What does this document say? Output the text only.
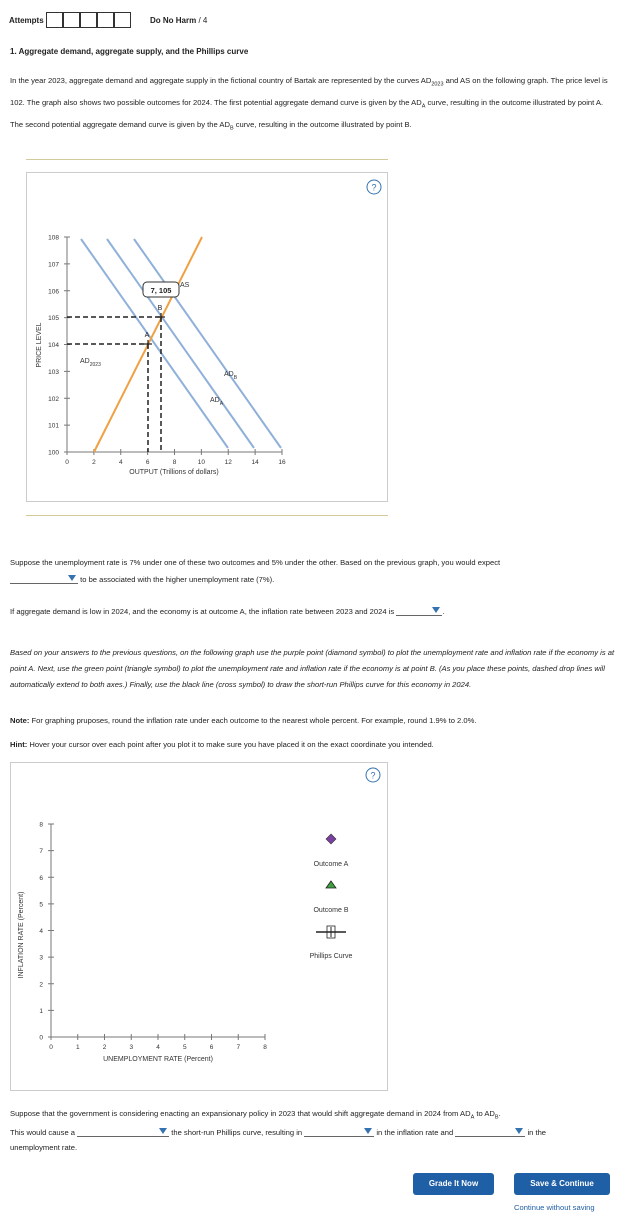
Attempts	Do No Harm / 4
1. Aggregate demand, aggregate supply, and the Phillips curve
In the year 2023, aggregate demand and aggregate supply in the fictional country of Bartak are represented by the curves $AD_{2023}$ and AS on the following graph. The price level is 102. The graph also shows two possible outcomes for 2024. The first potential aggregate demand curve is given by the $AD_A$ curve, resulting in the outcome illustrated by point A. The second potential aggregate demand curve is given by the $AD_B$ curve, resulting in the outcome illustrated by point B.
?
PRICE LEVEL
100
101
102
103
104
105
106
107
108
0	2	4	6	8	10	12	14	16
OUTPUT (Trillions of dollars)
A
B
7, 105
AS
$AD_{2023}$
$AD_A$
$AD_B$
Suppose the unemployment rate is 7% under one of these two outcomes and 5% under the other. Based on the previous graph, you would expect
to be associated with the higher unemployment rate (7%).
If aggregate demand is low in 2024, and the economy is at outcome A, the inflation rate between 2023 and 2024 is	.
Based on your answers to the previous questions, on the following graph use the purple point (diamond symbol) to plot the unemployment rate and inflation rate if the economy is at point A. Next, use the green point (triangle symbol) to plot the unemployment rate and inflation rate if the economy is at point B. (As you place these points, dashed drop lines will automatically extend to both axes.) Finally, use the black line (cross symbol) to draw the short-run Phillips curve for this economy in 2024.
Note: For graphing pruposes, round the inflation rate under each outcome to the nearest whole percent. For example, round 1.9% to 2.0%.
Hint: Hover your cursor over each point after you plot it to make sure you have placed it on the exact coordinate you intended.
?
INFLATION RATE (Percent)
0
1
2
3
4
5
6
7
8
0	1	2	3	4	5	6	7	8
UNEMPLOYMENT RATE (Percent)
Outcome A
Outcome B
Phillips Curve
Suppose that the government is considering enacting an expansionary policy in 2023 that would shift aggregate demand in 2024 from $AD_A$ to $AD_B$.
This would cause a	the short-run Phillips curve, resulting in	in the inflation rate and	in the
unemployment rate.
Grade It Now	Save & Continue
Continue without saving
